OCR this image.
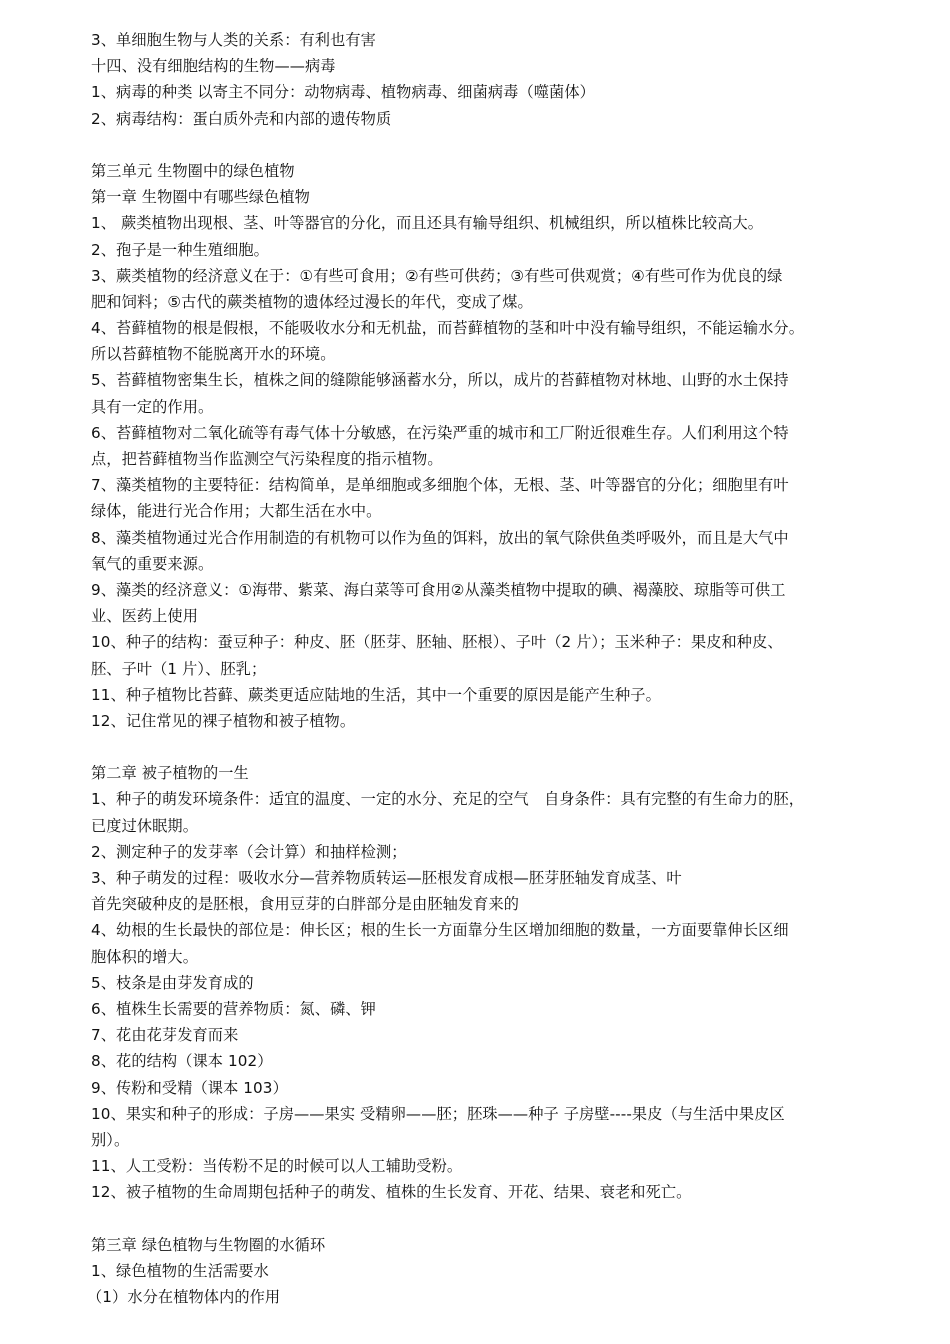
3、单细胞生物与人类的关系：有利也有害
十四、没有细胞结构的生物——病毒
1、病毒的种类 以寄主不同分：动物病毒、植物病毒、细菌病毒（噬菌体）
2、病毒结构：蛋白质外壳和内部的遗传物质
第三单元 生物圈中的绿色植物
第一章 生物圈中有哪些绿色植物
1、 蕨类植物出现根、茎、叶等器官的分化，而且还具有输导组织、机械组织，所以植株比较高大。
2、孢子是一种生殖细胞。
3、蕨类植物的经济意义在于：①有些可食用；②有些可供药；③有些可供观赏；④有些可作为优良的绿
肥和饲料；⑤古代的蕨类植物的遗体经过漫长的年代，变成了煤。
4、苔藓植物的根是假根，不能吸收水分和无机盐，而苔藓植物的茎和叶中没有输导组织，不能运输水分。
所以苔藓植物不能脱离开水的环境。
5、苔藓植物密集生长，植株之间的缝隙能够涵蓄水分，所以，成片的苔藓植物对林地、山野的水土保持
具有一定的作用。
6、苔藓植物对二氧化硫等有毒气体十分敏感，在污染严重的城市和工厂附近很难生存。人们利用这个特
点，把苔藓植物当作监测空气污染程度的指示植物。
7、藻类植物的主要特征：结构简单，是单细胞或多细胞个体，无根、茎、叶等器官的分化；细胞里有叶
绿体，能进行光合作用；大都生活在水中。
8、藻类植物通过光合作用制造的有机物可以作为鱼的饵料，放出的氧气除供鱼类呼吸外，而且是大气中
氧气的重要来源。
9、藻类的经济意义：①海带、紫菜、海白菜等可食用②从藻类植物中提取的碘、褐藻胶、琼脂等可供工
业、医药上使用
10、种子的结构：蚕豆种子：种皮、胚（胚芽、胚轴、胚根）、子叶（2 片）；玉米种子：果皮和种皮、
胚、子叶（1 片）、胚乳；
11、种子植物比苔藓、蕨类更适应陆地的生活，其中一个重要的原因是能产生种子。
12、记住常见的裸子植物和被子植物。
第二章 被子植物的一生
1、种子的萌发环境条件：适宜的温度、一定的水分、充足的空气　自身条件：具有完整的有生命力的胚，
已度过休眠期。
2、测定种子的发芽率（会计算）和抽样检测；
3、种子萌发的过程：吸收水分—营养物质转运—胚根发育成根—胚芽胚轴发育成茎、叶
首先突破种皮的是胚根，食用豆芽的白胖部分是由胚轴发育来的
4、幼根的生长最快的部位是：伸长区；根的生长一方面靠分生区增加细胞的数量，一方面要靠伸长区细
胞体积的增大。
5、枝条是由芽发育成的
6、植株生长需要的营养物质：氮、磷、钾
7、花由花芽发育而来
8、花的结构（课本 102）
9、传粉和受精（课本 103）
10、果实和种子的形成：子房——果实 受精卵——胚；胚珠——种子 子房壁----果皮（与生活中果皮区
别）。
11、人工受粉：当传粉不足的时候可以人工辅助受粉。
12、被子植物的生命周期包括种子的萌发、植株的生长发育、开花、结果、衰老和死亡。
第三章 绿色植物与生物圈的水循环
1、绿色植物的生活需要水
（1）水分在植物体内的作用
